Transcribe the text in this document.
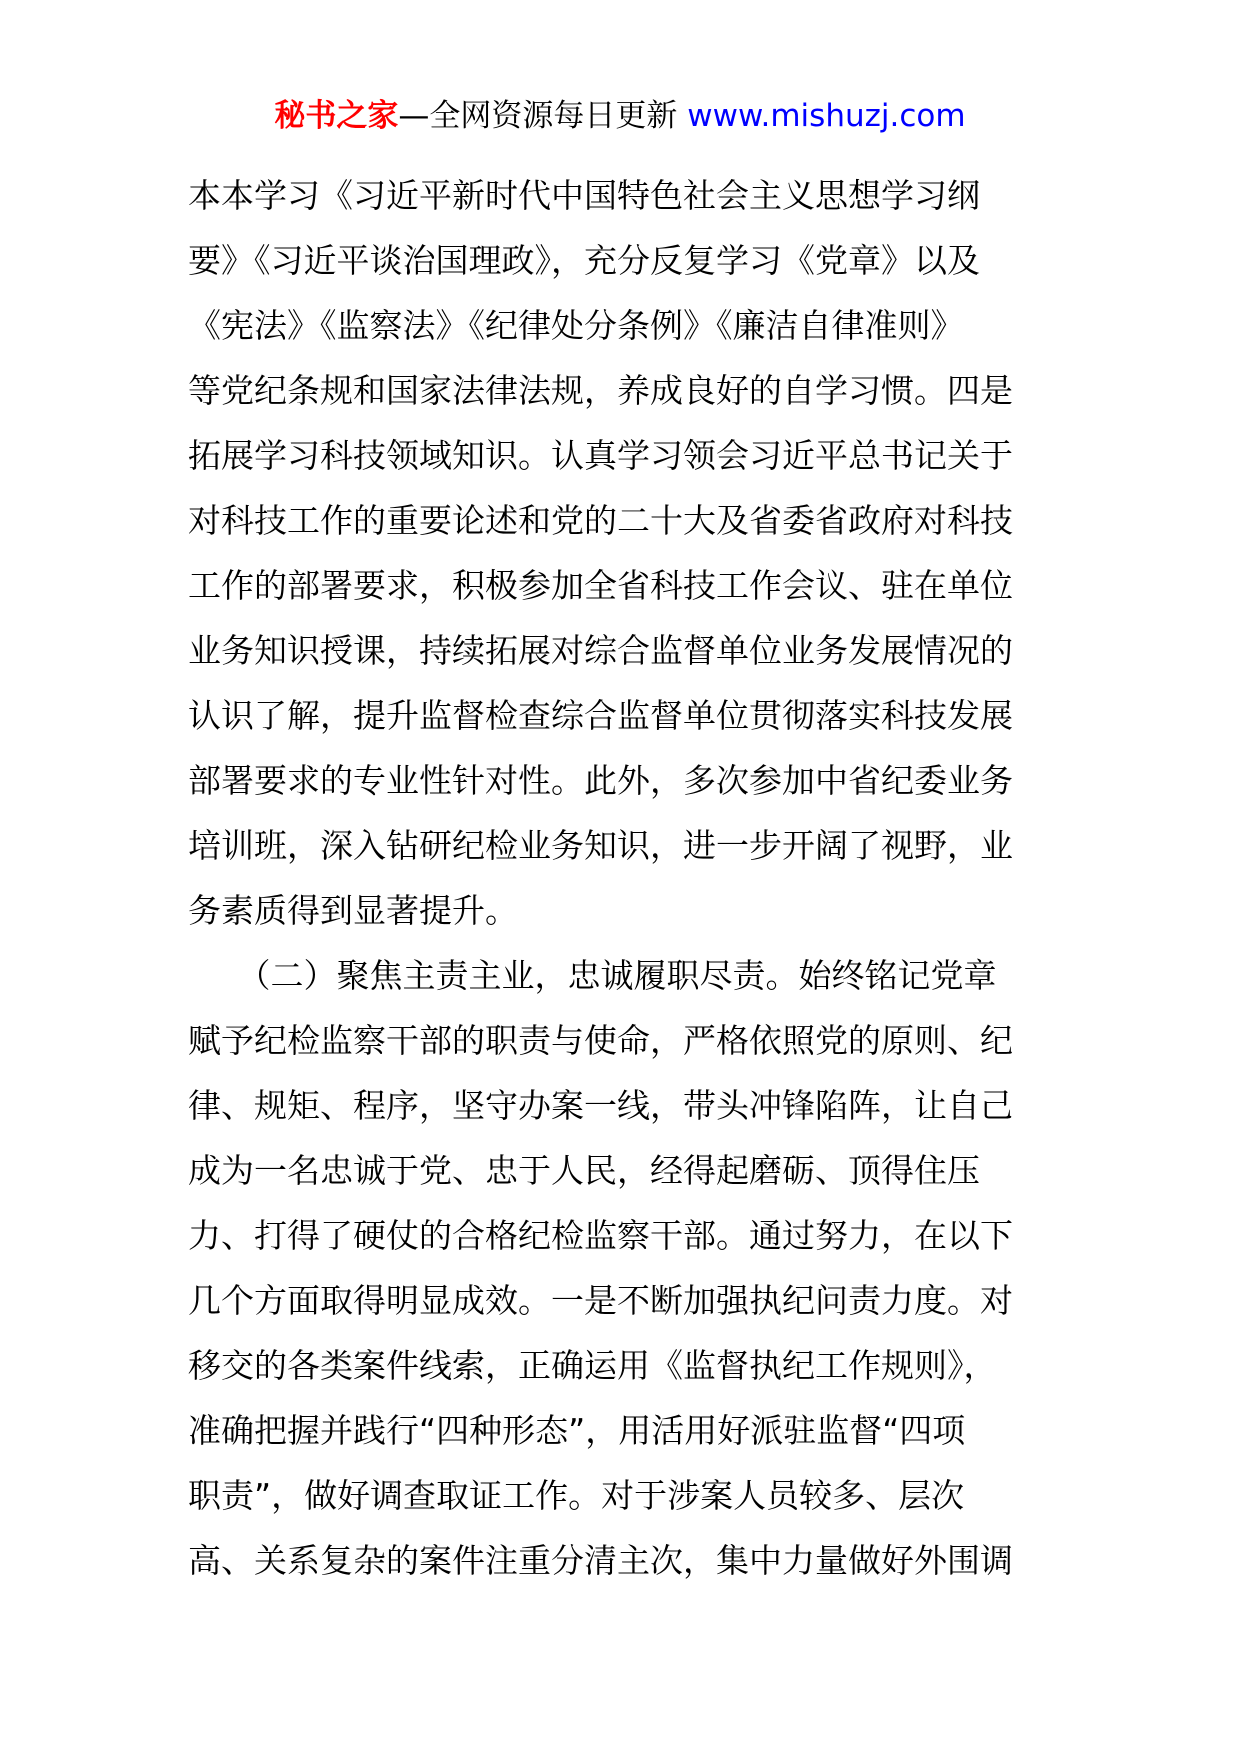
秘书之家—全网资源每日更新 www.mishuzj.com
本本学习《习近平新时代中国特色社会主义思想学习纲
要》《习近平谈治国理政》，充分反复学习《党章》以及
《宪法》《监察法》《纪律处分条例》《廉洁自律准则》
等党纪条规和国家法律法规，养成良好的自学习惯。四是
拓展学习科技领域知识。认真学习领会习近平总书记关于
对科技工作的重要论述和党的二十大及省委省政府对科技
工作的部署要求，积极参加全省科技工作会议、驻在单位
业务知识授课，持续拓展对综合监督单位业务发展情况的
认识了解，提升监督检查综合监督单位贯彻落实科技发展
部署要求的专业性针对性。此外，多次参加中省纪委业务
培训班，深入钻研纪检业务知识，进一步开阔了视野，业
务素质得到显著提升。
　　（二）聚焦主责主业，忠诚履职尽责。始终铭记党章
赋予纪检监察干部的职责与使命，严格依照党的原则、纪
律、规矩、程序，坚守办案一线，带头冲锋陷阵，让自己
成为一名忠诚于党、忠于人民，经得起磨砺、顶得住压
力、打得了硬仗的合格纪检监察干部。通过努力，在以下
几个方面取得明显成效。一是不断加强执纪问责力度。对
移交的各类案件线索，正确运用《监督执纪工作规则》，
准确把握并践行“四种形态”，用活用好派驻监督“四项
职责”，做好调查取证工作。对于涉案人员较多、层次
高、关系复杂的案件注重分清主次，集中力量做好外围调
